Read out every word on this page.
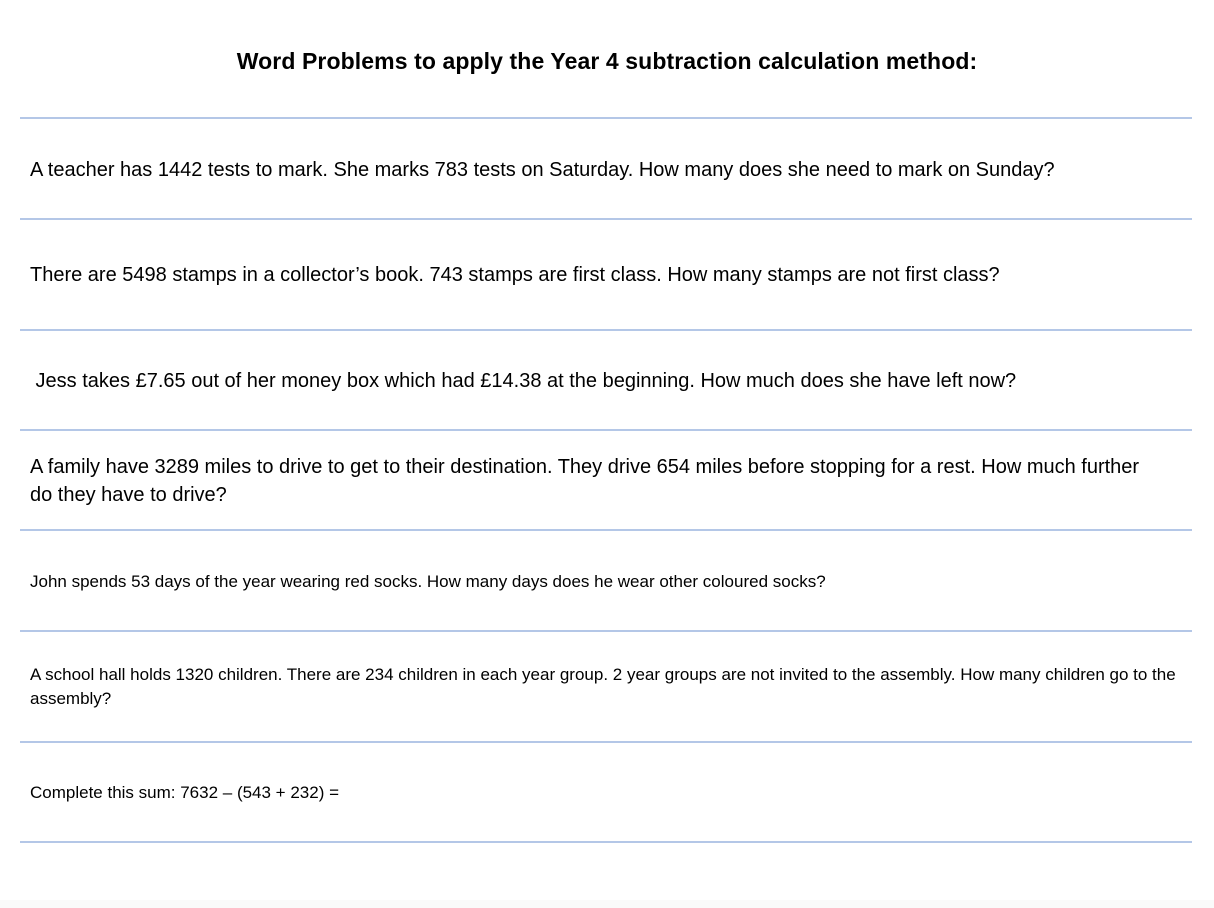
Word Problems to apply the Year 4 subtraction calculation method:
A teacher has 1442 tests to mark. She marks 783 tests on Saturday. How many does she need to mark on Sunday?
There are 5498 stamps in a collector’s book. 743 stamps are first class. How many stamps are not first class?
Jess takes £7.65 out of her money box which had £14.38 at the beginning. How much does she have left now?
A family have 3289 miles to drive to get to their destination. They drive 654 miles before stopping for a rest. How much further do they have to drive?
John spends 53 days of the year wearing red socks. How many days does he wear other coloured socks?
A school hall holds 1320 children. There are 234 children in each year group. 2 year groups are not invited to the assembly. How many children go to the assembly?
Complete this sum: 7632 – (543 + 232) =
